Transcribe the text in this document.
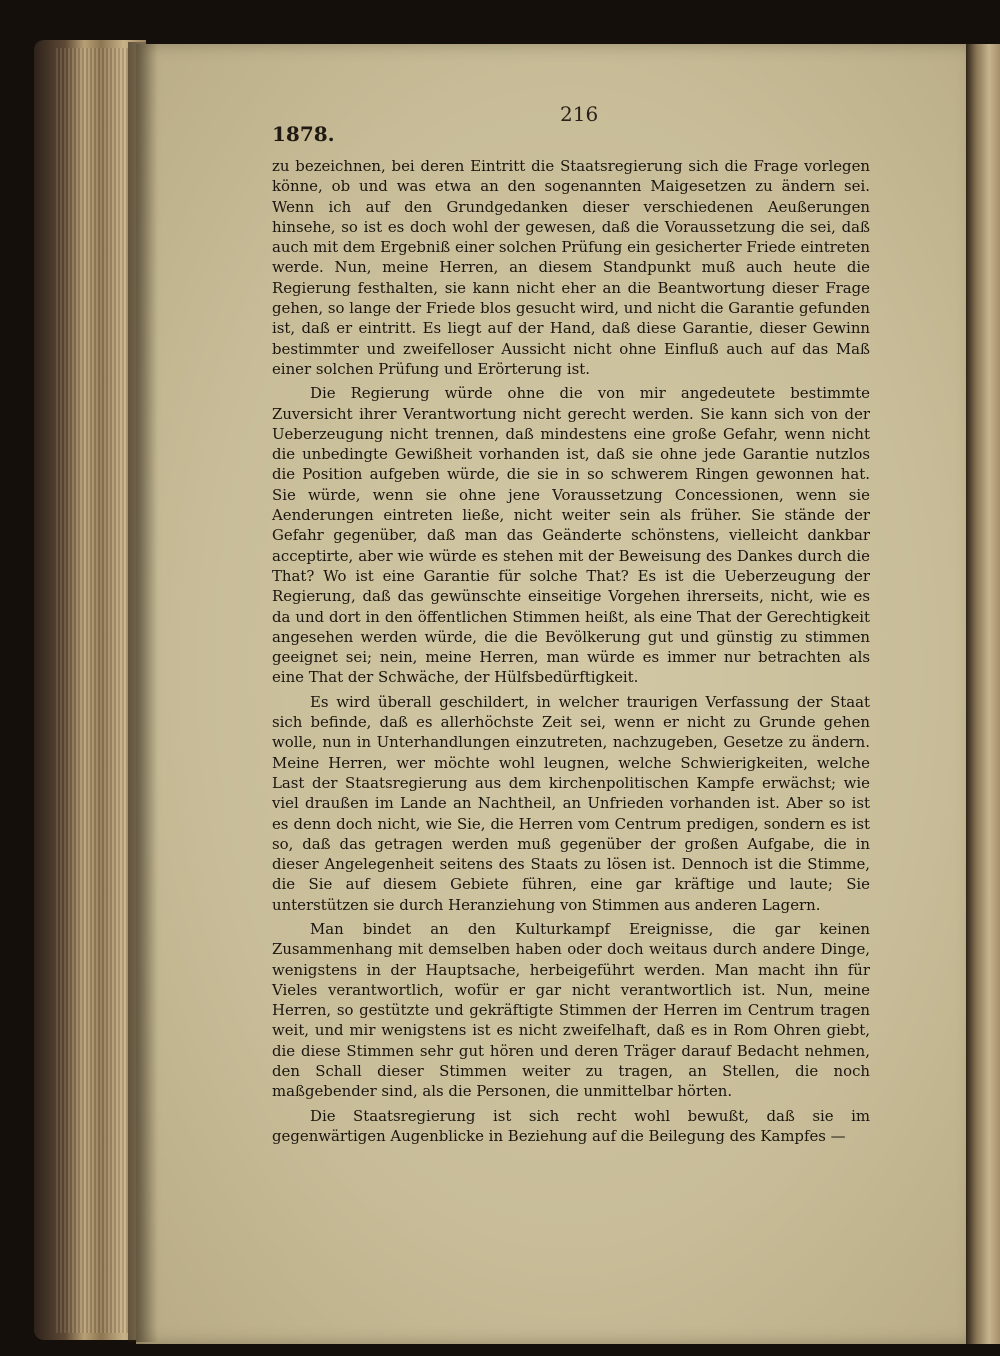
216
1878.

zu bezeichnen, bei deren Eintritt die Staatsregierung sich die Frage vorlegen könne, ob und was etwa an den sogenannten Maigesetzen zu ändern sei. Wenn ich auf den Grundgedanken dieser verschiedenen Aeußerungen hinsehe, so ist es doch wohl der gewesen, daß die Voraussetzung die sei, daß auch mit dem Ergebniß einer solchen Prüfung ein gesicherter Friede eintreten werde. Nun, meine Herren, an diesem Standpunkt muß auch heute die Regierung festhalten, sie kann nicht eher an die Beantwortung dieser Frage gehen, so lange der Friede blos gesucht wird, und nicht die Garantie gefunden ist, daß er eintritt. Es liegt auf der Hand, daß diese Garantie, dieser Gewinn bestimmter und zweifelloser Aussicht nicht ohne Einfluß auch auf das Maß einer solchen Prüfung und Erörterung ist.

Die Regierung würde ohne die von mir angedeutete bestimmte Zuversicht ihrer Verantwortung nicht gerecht werden. Sie kann sich von der Ueberzeugung nicht trennen, daß mindestens eine große Gefahr, wenn nicht die unbedingte Gewißheit vorhanden ist, daß sie ohne jede Garantie nutzlos die Position aufgeben würde, die sie in so schwerem Ringen gewonnen hat. Sie würde, wenn sie ohne jene Voraussetzung Concessionen, wenn sie Aenderungen eintreten ließe, nicht weiter sein als früher. Sie stände der Gefahr gegenüber, daß man das Geänderte schönstens, vielleicht dankbar acceptirte, aber wie würde es stehen mit der Beweisung des Dankes durch die That? Wo ist eine Garantie für solche That? Es ist die Ueberzeugung der Regierung, daß das gewünschte einseitige Vorgehen ihrerseits, nicht, wie es da und dort in den öffentlichen Stimmen heißt, als eine That der Gerechtigkeit angesehen werden würde, die die Bevölkerung gut und günstig zu stimmen geeignet sei; nein, meine Herren, man würde es immer nur betrachten als eine That der Schwäche, der Hülfsbedürftigkeit.

Es wird überall geschildert, in welcher traurigen Verfassung der Staat sich befinde, daß es allerhöchste Zeit sei, wenn er nicht zu Grunde gehen wolle, nun in Unterhandlungen einzutreten, nachzugeben, Gesetze zu ändern. Meine Herren, wer möchte wohl leugnen, welche Schwierigkeiten, welche Last der Staatsregierung aus dem kirchenpolitischen Kampfe erwächst; wie viel draußen im Lande an Nachtheil, an Unfrieden vorhanden ist. Aber so ist es denn doch nicht, wie Sie, die Herren vom Centrum predigen, sondern es ist so, daß das getragen werden muß gegenüber der großen Aufgabe, die in dieser Angelegenheit seitens des Staats zu lösen ist. Dennoch ist die Stimme, die Sie auf diesem Gebiete führen, eine gar kräftige und laute; Sie unterstützen sie durch Heranziehung von Stimmen aus anderen Lagern.

Man bindet an den Kulturkampf Ereignisse, die gar keinen Zusammenhang mit demselben haben oder doch weitaus durch andere Dinge, wenigstens in der Hauptsache, herbeigeführt werden. Man macht ihn für Vieles verantwortlich, wofür er gar nicht verantwortlich ist. Nun, meine Herren, so gestützte und gekräftigte Stimmen der Herren im Centrum tragen weit, und mir wenigstens ist es nicht zweifelhaft, daß es in Rom Ohren giebt, die diese Stimmen sehr gut hören und deren Träger darauf Bedacht nehmen, den Schall dieser Stimmen weiter zu tragen, an Stellen, die noch maßgebender sind, als die Personen, die unmittelbar hörten.

Die Staatsregierung ist sich recht wohl bewußt, daß sie im gegenwärtigen Augenblicke in Beziehung auf die Beilegung des Kampfes —
